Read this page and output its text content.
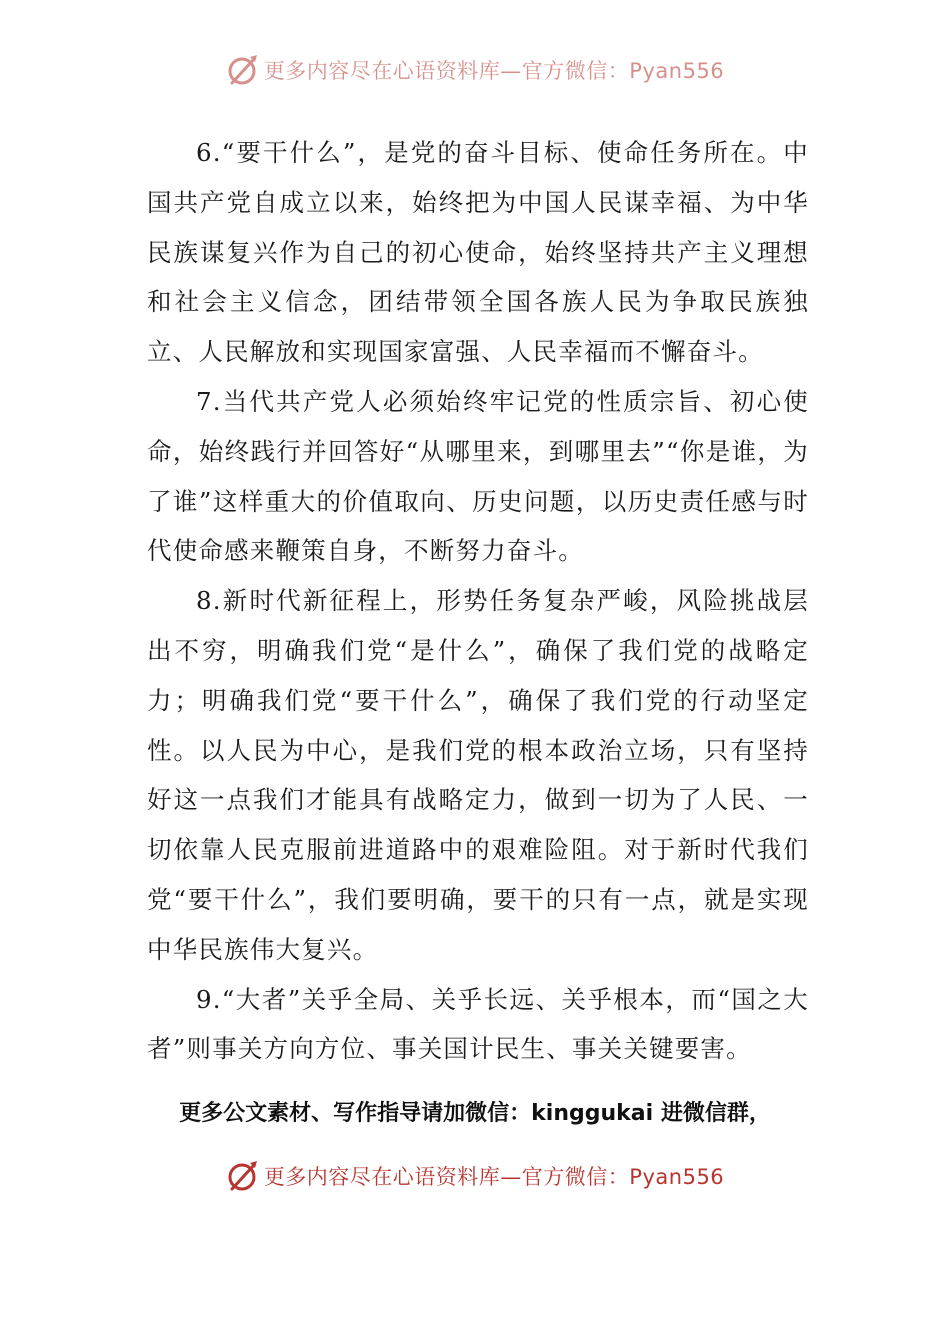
更多内容尽在心语资料库—官方微信：Pyan556

6.“要干什么”，是党的奋斗目标、使命任务所在。中国共产党自成立以来，始终把为中国人民谋幸福、为中华民族谋复兴作为自己的初心使命，始终坚持共产主义理想和社会主义信念，团结带领全国各族人民为争取民族独立、人民解放和实现国家富强、人民幸福而不懈奋斗。

7.当代共产党人必须始终牢记党的性质宗旨、初心使命，始终践行并回答好“从哪里来，到哪里去”“你是谁，为了谁”这样重大的价值取向、历史问题，以历史责任感与时代使命感来鞭策自身，不断努力奋斗。

8.新时代新征程上，形势任务复杂严峻，风险挑战层出不穷，明确我们党“是什么”，确保了我们党的战略定力；明确我们党“要干什么”，确保了我们党的行动坚定性。以人民为中心，是我们党的根本政治立场，只有坚持好这一点我们才能具有战略定力，做到一切为了人民、一切依靠人民克服前进道路中的艰难险阻。对于新时代我们党“要干什么”，我们要明确，要干的只有一点，就是实现中华民族伟大复兴。

9.“大者”关乎全局、关乎长远、关乎根本，而“国之大者”则事关方向方位、事关国计民生、事关关键要害。

更多公文素材、写作指导请加微信：kinggukai 进微信群，
更多内容尽在心语资料库—官方微信：Pyan556
